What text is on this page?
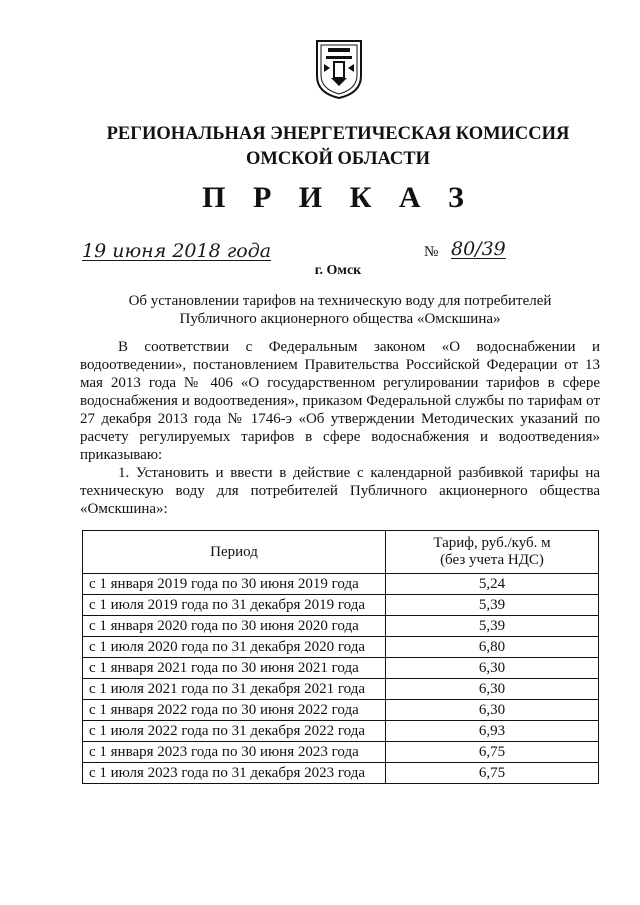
РЕГИОНАЛЬНАЯ ЭНЕРГЕТИЧЕСКАЯ КОМИССИЯ
ОМСКОЙ ОБЛАСТИ
П Р И К А З
19 июня 2018 года	№ 80/39
г. Омск
Об установлении тарифов на техническую воду для потребителей
Публичного акционерного общества «Омскшина»

В соответствии с Федеральным законом «О водоснабжении и водоотведении», постановлением Правительства Российской Федерации от 13 мая 2013 года № 406 «О государственном регулировании тарифов в сфере водоснабжения и водоотведения», приказом Федеральной службы по тарифам от 27 декабря 2013 года № 1746-э «Об утверждении Методических указаний по расчету регулируемых тарифов в сфере водоснабжения и водоотведения» приказываю:

1. Установить и ввести в действие с календарной разбивкой тарифы на техническую воду для потребителей Публичного акционерного общества «Омскшина»:

Период	Тариф, руб./куб. м
(без учета НДС)

с 1 января 2019 года по 30 июня 2019 года	5,24
с 1 июля 2019 года по 31 декабря 2019 года	5,39
с 1 января 2020 года по 30 июня 2020 года	5,39
с 1 июля 2020 года по 31 декабря 2020 года	6,80
с 1 января 2021 года по 30 июня 2021 года	6,30
с 1 июля 2021 года по 31 декабря 2021 года	6,30
с 1 января 2022 года по 30 июня 2022 года	6,30
с 1 июля 2022 года по 31 декабря 2022 года	6,93
с 1 января 2023 года по 30 июня 2023 года	6,75
с 1 июля 2023 года по 31 декабря 2023 года	6,75
